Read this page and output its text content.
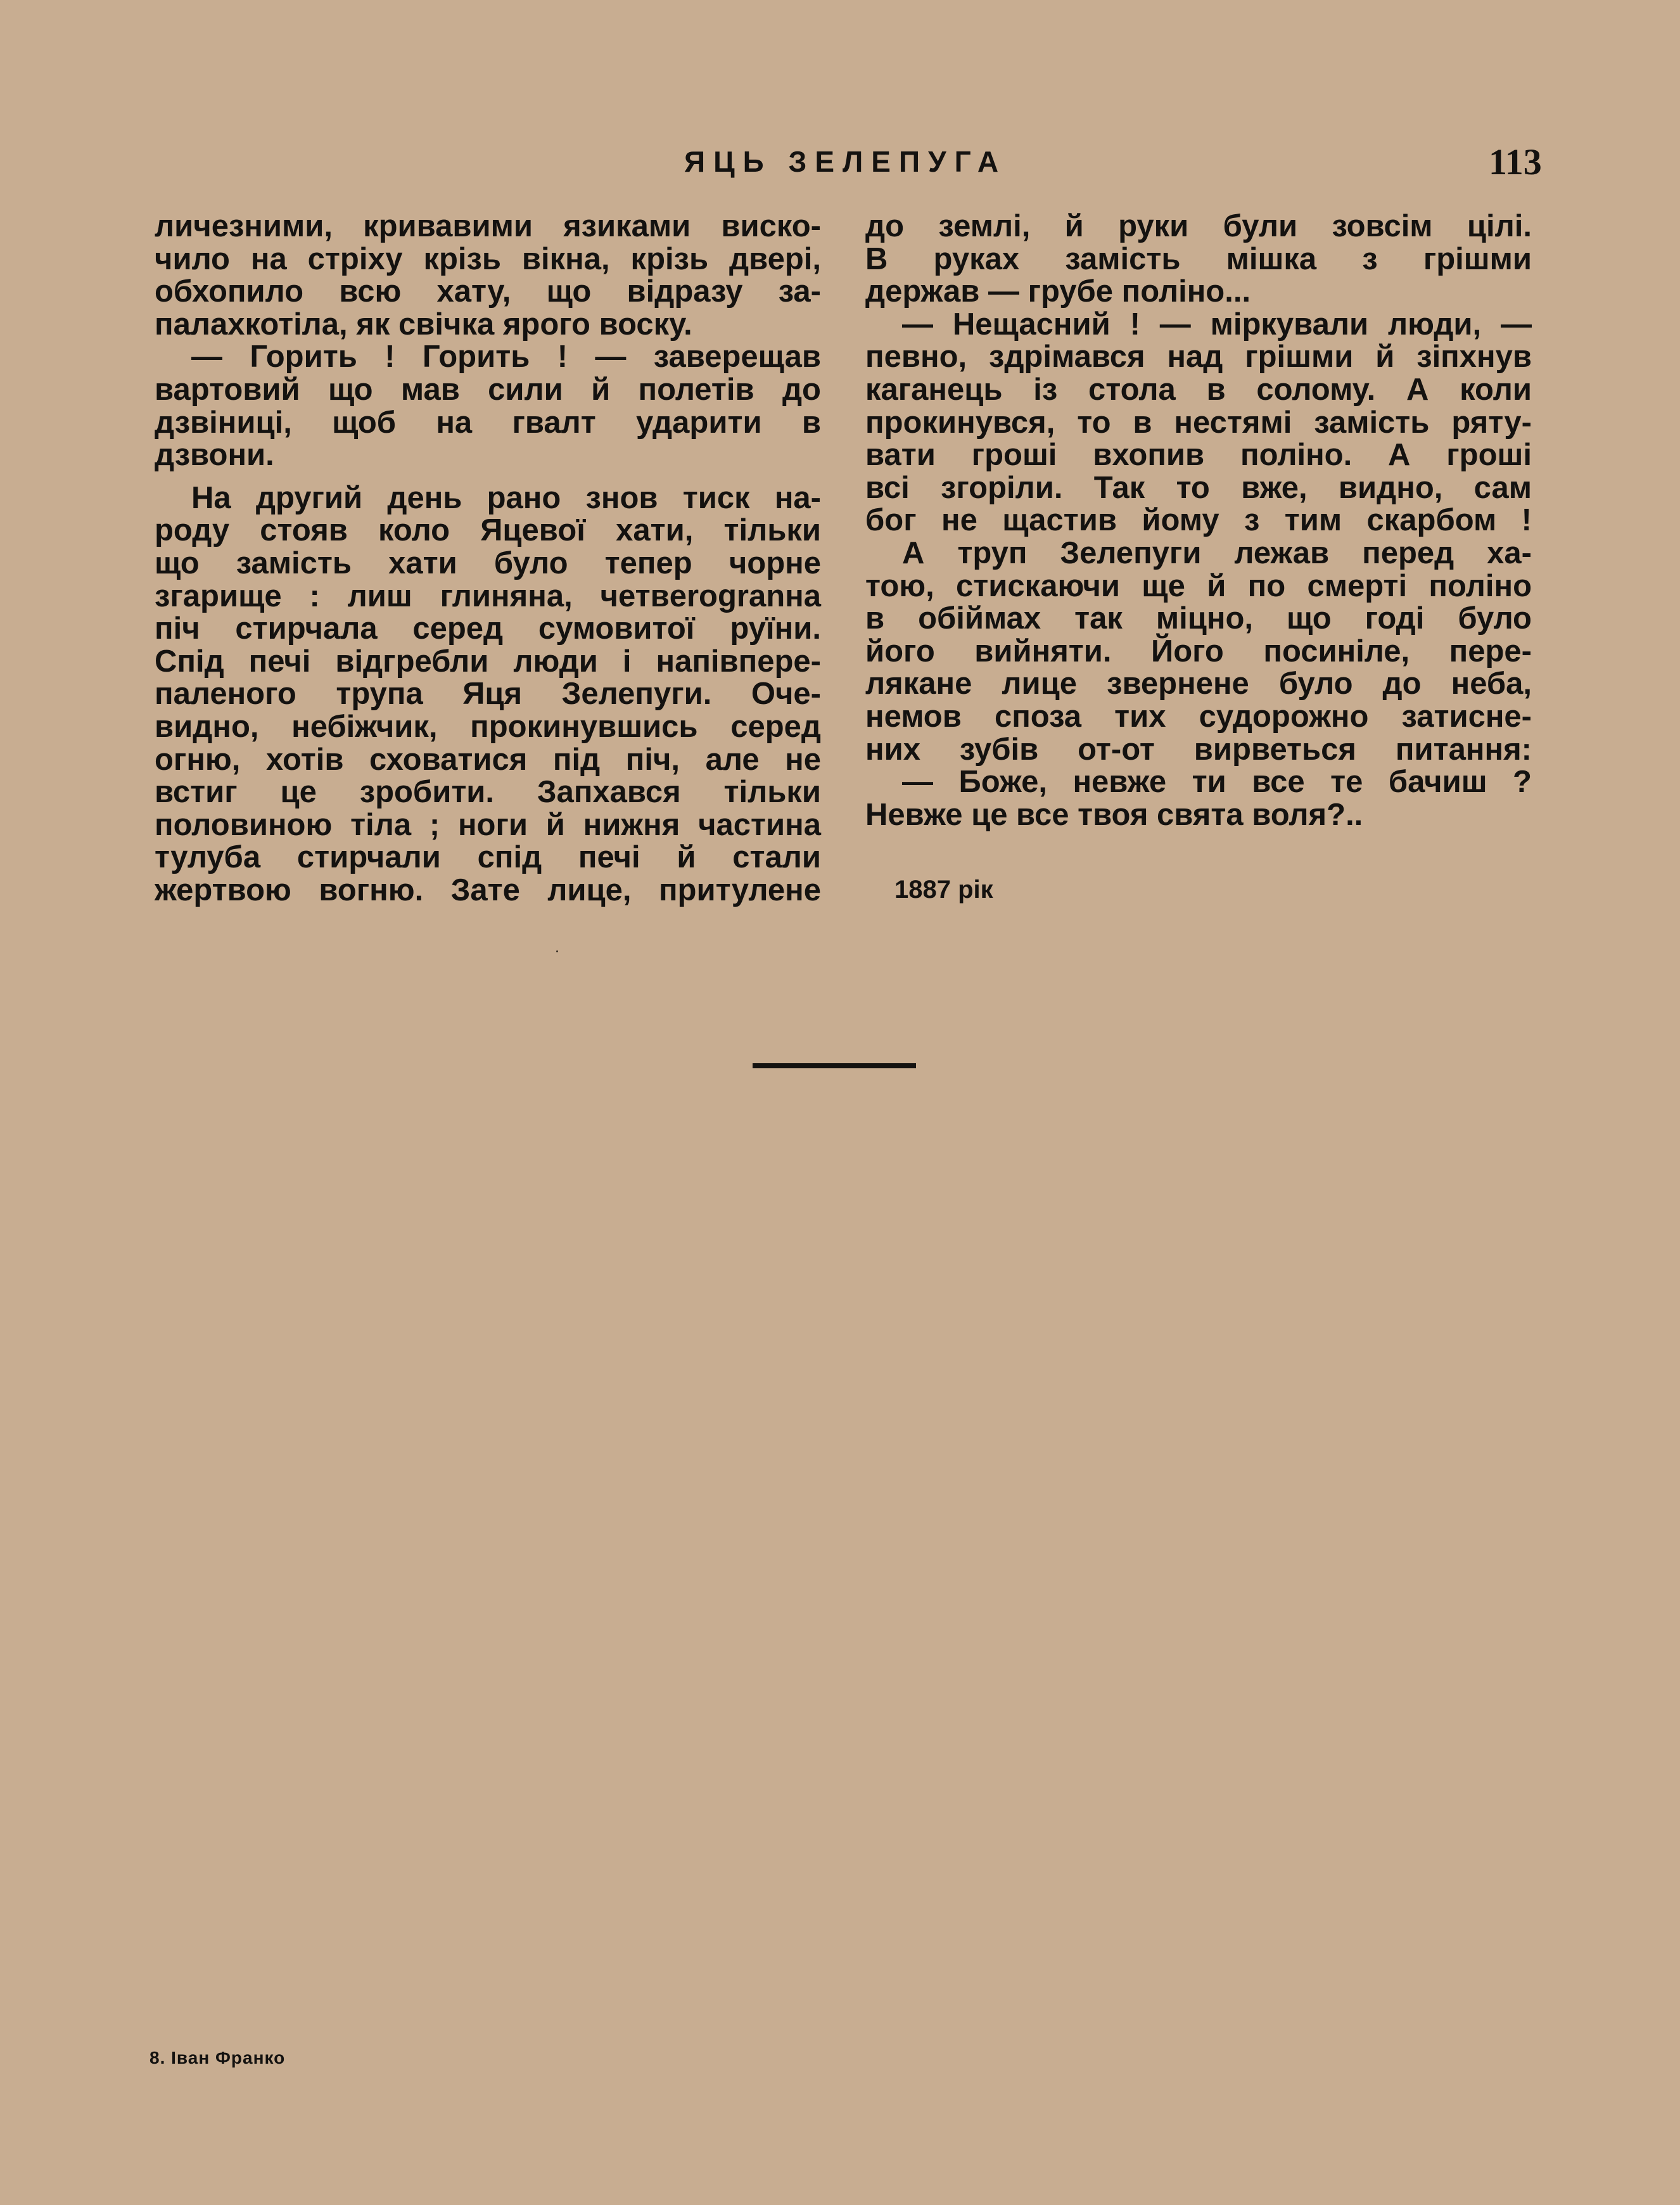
ЯЦЬ ЗЕЛЕПУГА	113
личезними, кривавими язиками виско-
чило на стріху крізь вікна, крізь двері,
обхопило всю хату, що відразу за-
палахкотіла, як свічка ярого воску.
— Горить ! Горить ! — заверещав
вартовий що мав сили й полетів до
дзвіниці, щоб на гвалт ударити в
дзвони.
На другий день рано знов тиск на-
роду стояв коло Яцевої хати, тільки
що замість хати було тепер чорне
згарище : лиш глиняна, четвerogranна
піч стирчала серед сумовитої руїни.
Спід печі відгребли люди і напівпере-
паленого трупа Яця Зелепуги. Оче-
видно, небіжчик, прокинувшись серед
огню, хотів сховатися під піч, але не
встиг це зробити. Запхався тільки
половиною тіла ; ноги й нижня частина
тулуба стирчали спід печі й стали
жертвою вогню. Зате лице, притулене
до землі, й руки були зовсім цілі.
В руках замість мішка з грішми
держав — грубе поліно...
— Нещасний ! — міркували люди, —
певно, здрімався над грішми й зіпхнув
каганець із стола в солому. А коли
прокинувся, то в нестямі замість ряту-
вати гроші вхопив поліно. А гроші
всі згоріли. Так то вже, видно, сам
бог не щастив йому з тим скарбом !
А труп Зелепуги лежав перед ха-
тою, стискаючи ще й по смерті поліно
в обіймах так міцно, що годі було
його вийняти. Його посиніле, пере-
лякане лице звернене було до неба,
немов споза тих судорожно затисне-
них зубів от-от вирветься питання:
— Боже, невже ти все те бачиш ?
Невже це все твоя свята воля?..
1887 рік
8. Іван Франко
